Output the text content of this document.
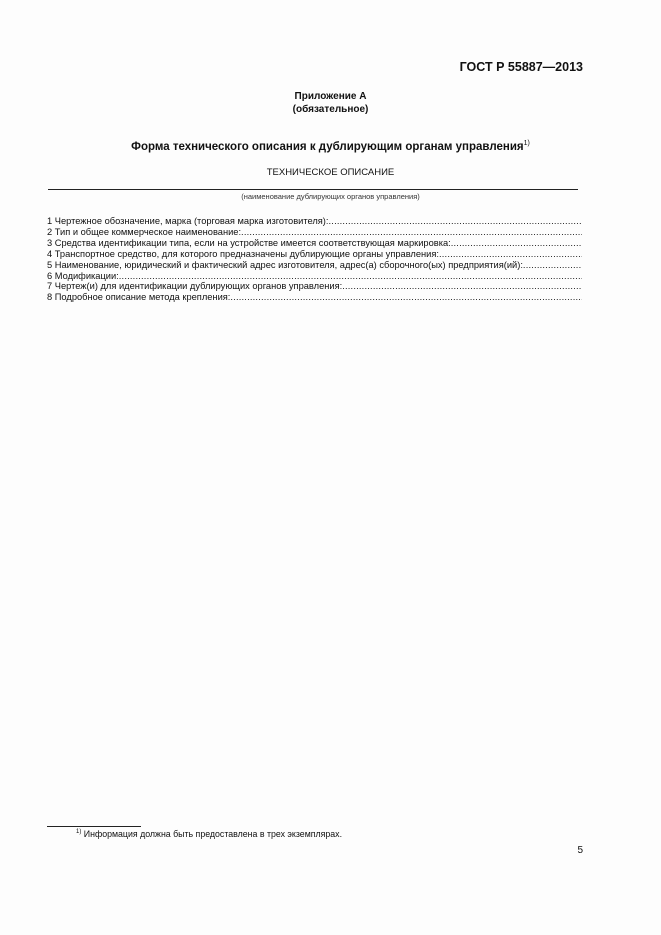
ГОСТ Р 55887—2013
Приложение А
(обязательное)
Форма технического описания к дублирующим органам управления$^{1)}$
ТЕХНИЧЕСКОЕ ОПИСАНИЕ
(наименование дублирующих органов управления)
1 Чертежное обозначение, марка (торговая марка изготовителя):
.....
2 Тип и общее коммерческое наименование:
.....
3 Средства идентификации типа, если на устройстве имеется соответствующая маркировка:
.....
4 Транспортное средство, для которого предназначены дублирующие органы управления:
.....
5 Наименование, юридический и фактический адрес изготовителя, адрес(а) сборочного(ых) предприятия(ий):
.....
6 Модификации:
.....
7 Чертеж(и) для идентификации дублирующих органов управления:
.....
8 Подробное описание метода крепления:
.....
$^{1)}$ Информация должна быть предоставлена в трех экземплярах.
5
